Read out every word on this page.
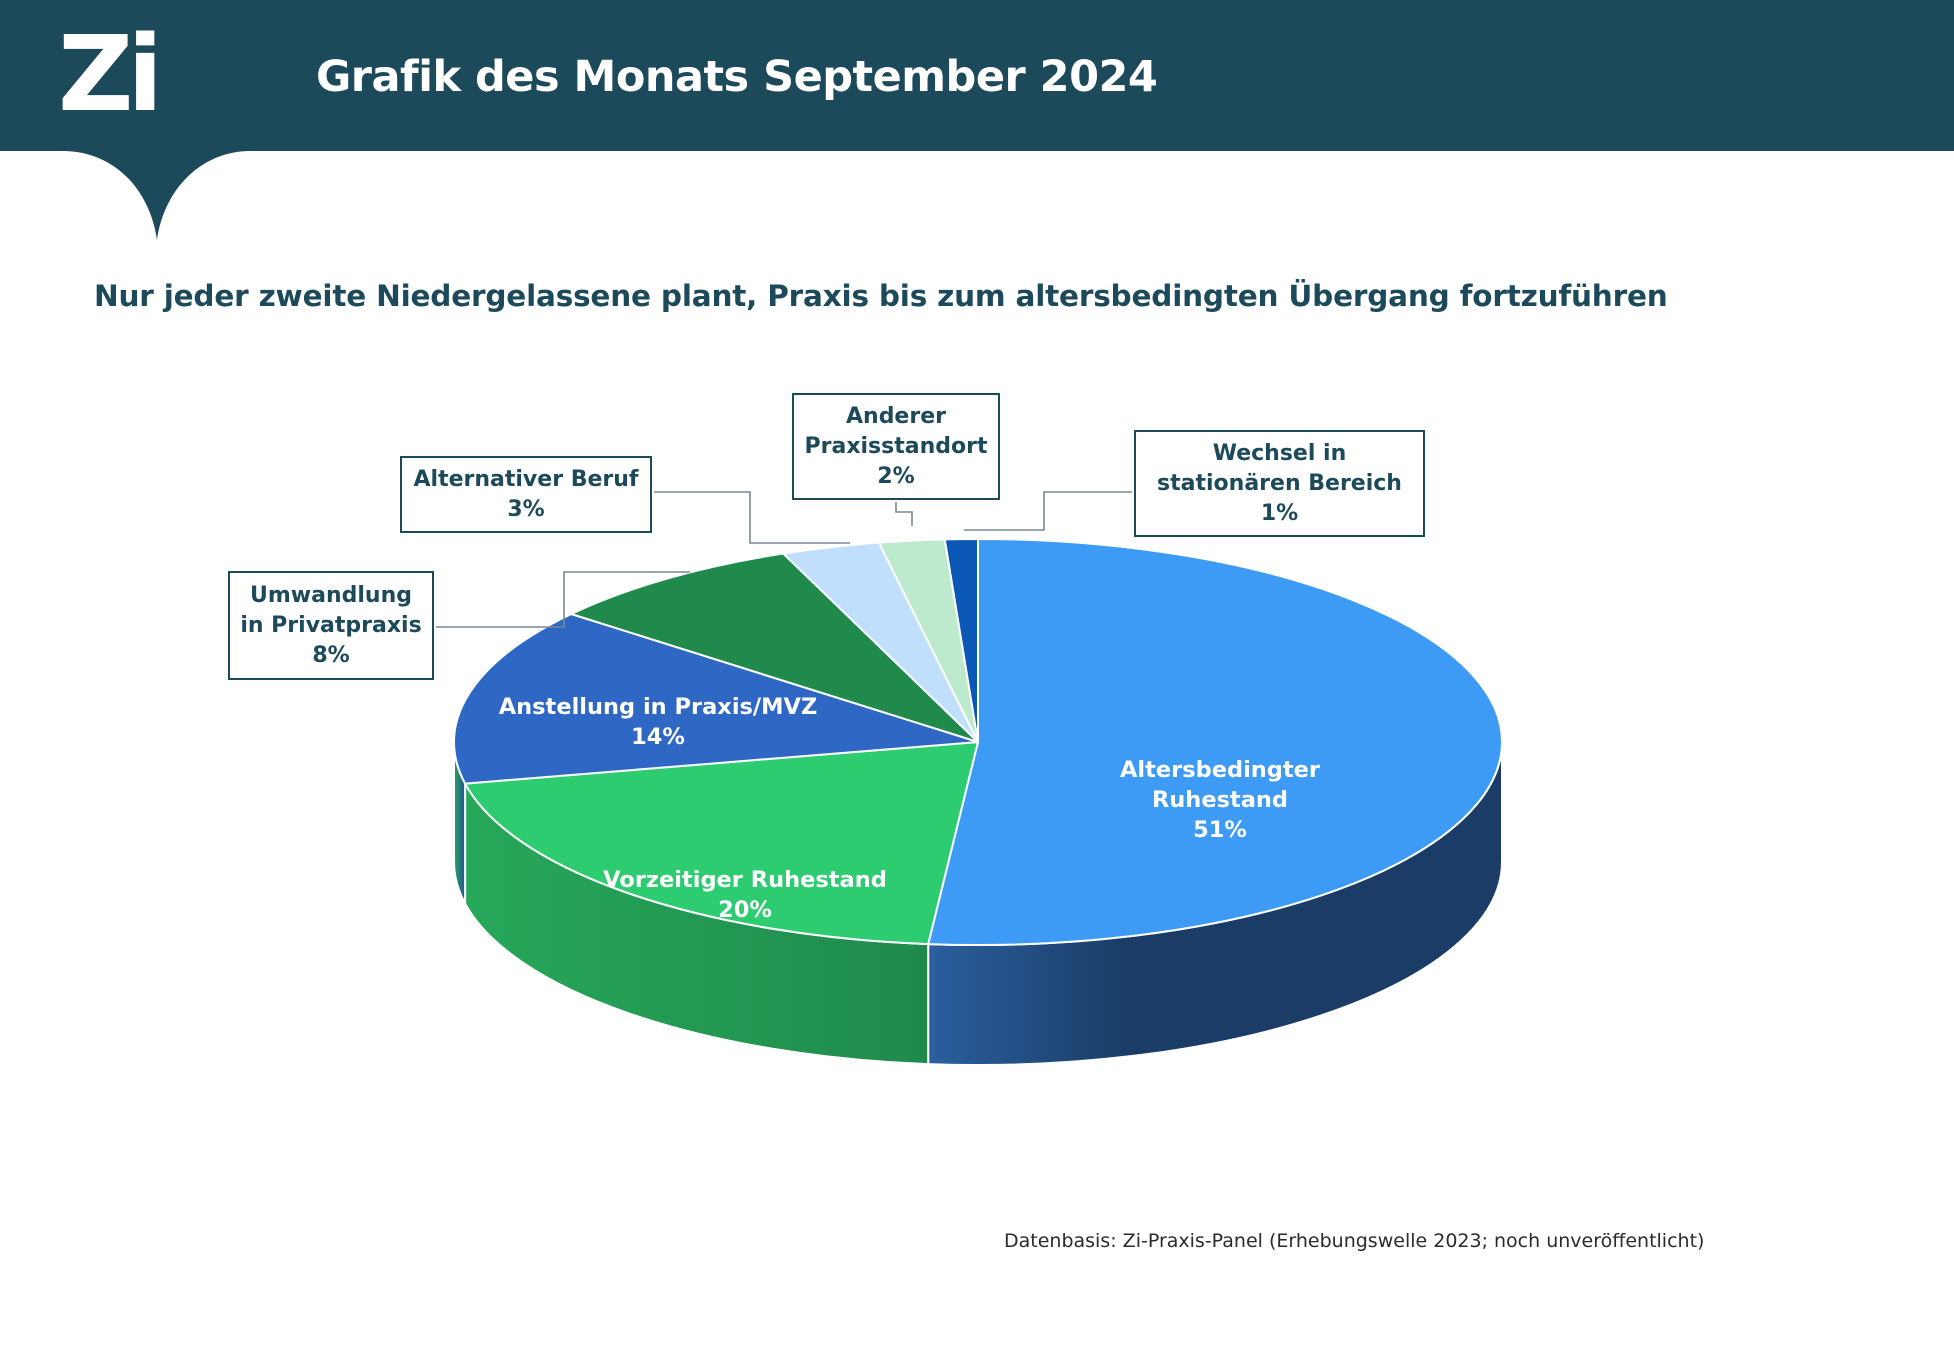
Zi	Grafik des Monats September 2024
Nur jeder zweite Niedergelassene plant, Praxis bis zum altersbedingten Übergang fortzuführen
Altersbedingter
Ruhestand
51%
Vorzeitiger Ruhestand
20%
Anstellung in Praxis/MVZ
14%
Umwandlung
in Privatpraxis
8%
Alternativer Beruf
3%
Anderer
Praxisstandort
2%
Wechsel in
stationären Bereich
1%
Datenbasis: Zi-Praxis-Panel (Erhebungswelle 2023; noch unveröffentlicht)
